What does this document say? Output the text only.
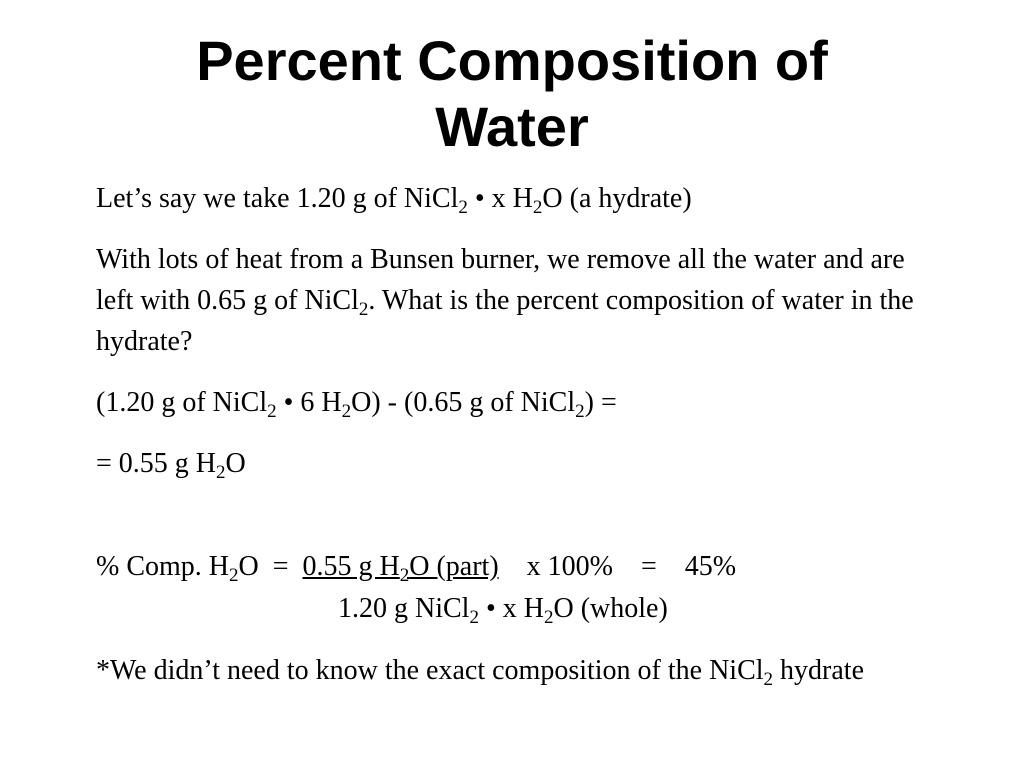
Percent Composition of
Water
Let’s say we take 1.20 g of NiCl$_2$ • x $H_2O$ (a hydrate)
With lots of heat from a Bunsen burner, we remove all the water and are left with 0.65 g of NiCl$_2$. What is the percent composition of water in the hydrate?
(1.20 g of NiCl$_2$ • 6 $H_2O) - (0.65$ g of NiCl$_2$) =
= 0.55 g $H_2O$
% Comp. $H_2O = 0.55$ g $H_2O$ (part)    x 100%    =    45%
1.20 g NiCl$_2$ • x $H_2O$ (whole)
*We didn’t need to know the exact composition of the NiCl$_2$ hydrate
